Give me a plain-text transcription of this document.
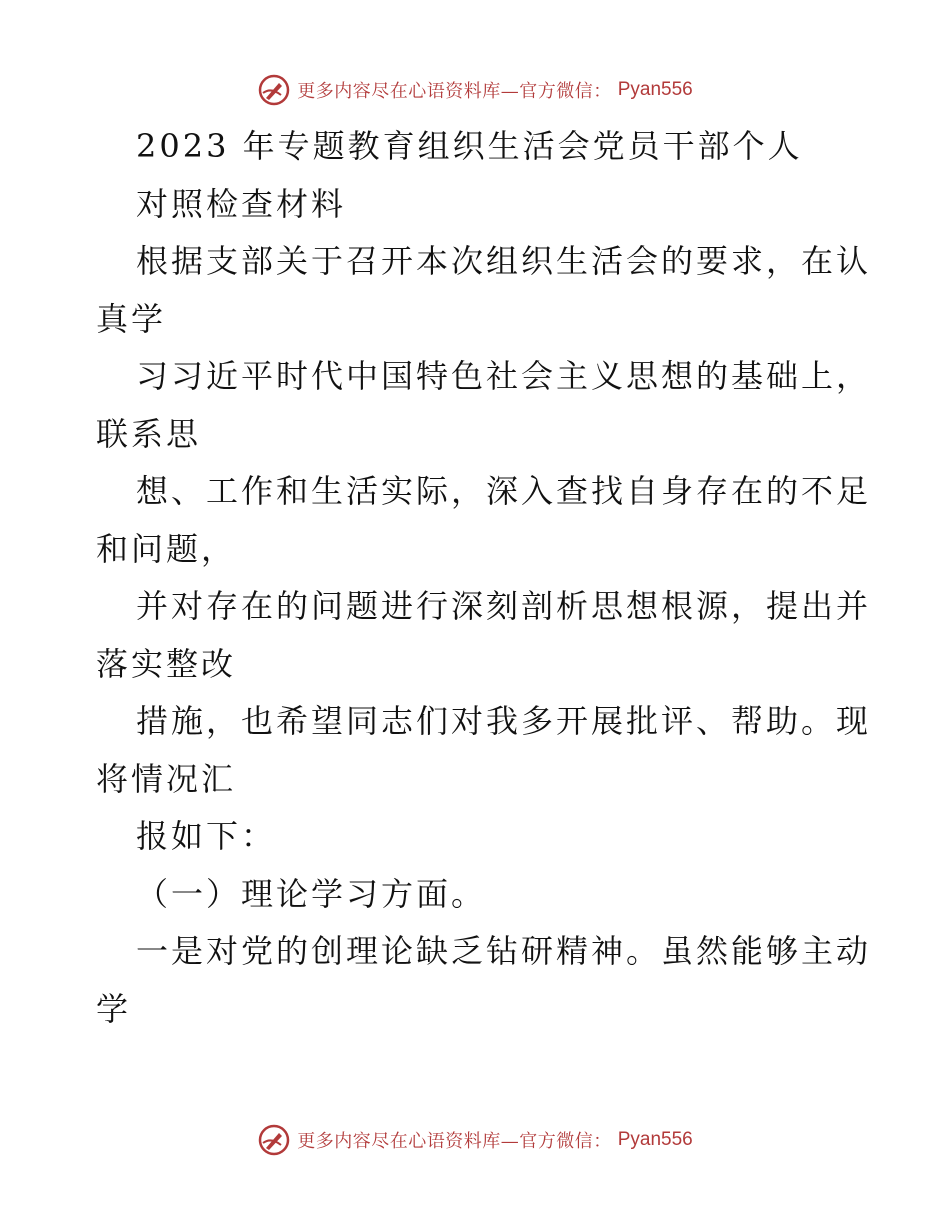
更多内容尽在心语资料库—官方微信： Pyan556
2023 年专题教育组织生活会党员干部个人
对照检查材料
根据支部关于召开本次组织生活会的要求，在认
真学
习习近平时代中国特色社会主义思想的基础上，
联系思
想、工作和生活实际，深入查找自身存在的不足
和问题，
并对存在的问题进行深刻剖析思想根源，提出并
落实整改
措施，也希望同志们对我多开展批评、帮助。现
将情况汇
报如下：
（一）理论学习方面。
一是对党的创理论缺乏钻研精神。虽然能够主动
学
更多内容尽在心语资料库—官方微信： Pyan556
